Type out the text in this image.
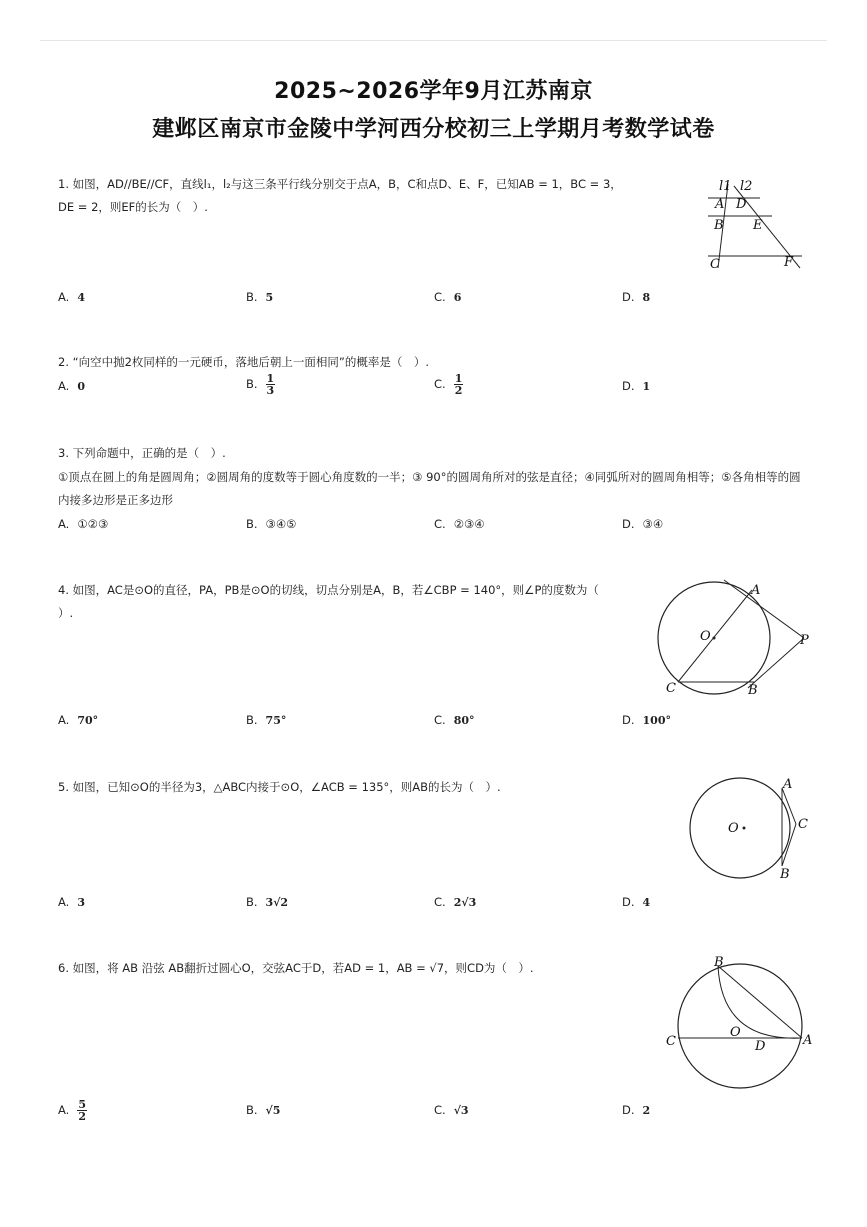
2025~2026学年9月江苏南京
建邺区南京市金陵中学河西分校初三上学期月考数学试卷
1. 如图，AD//BE//CF，直线l₁，l₂与这三条平行线分别交于点A，B，C和点D、E、F，已知AB = 1，BC = 3，
DE = 2，则EF的长为（　）.
l1 l2
A D
B E
C	F
A. 4	B. 5	C. 6	D. 8
2. “向空中抛2枚同样的一元硬币，落地后朝上一面相同”的概率是（　）.
A. 0	B. $\frac{1}{3}$	C. $\frac{1}{2}$	D. 1
3. 下列命题中，正确的是（　）.
①顶点在圆上的角是圆周角；②圆周角的度数等于圆心角度数的一半；③ 90°的圆周角所对的弦是直径；④同弧所对的圆周角相等；⑤各角相等的圆
内接多边形是正多边形
A. ①②③	B. ③④⑤	C. ②③④	D. ③④
4. 如图，AC是⊙O的直径，PA，PB是⊙O的切线，切点分别是A，B，若∠CBP = 140°，则∠P的度数为（
）.
A
O	P
C	B
A. 70°	B. 75°	C. 80°	D. 100°
5. 如图，已知⊙O的半径为3，△ABC内接于⊙O，∠ACB = 135°，则AB的长为（　）.	A
O	C
B
A. 3	B. 3√2	C. 2√3	D. 4
6. 如图，将 AB 沿弦 AB翻折过圆心O，交弦AC于D，若AD = 1，AB = √7，则CD为（　）.	B
O
C	D	A
A. $\frac{5}{2}$	B. √5	C. √3	D. 2
